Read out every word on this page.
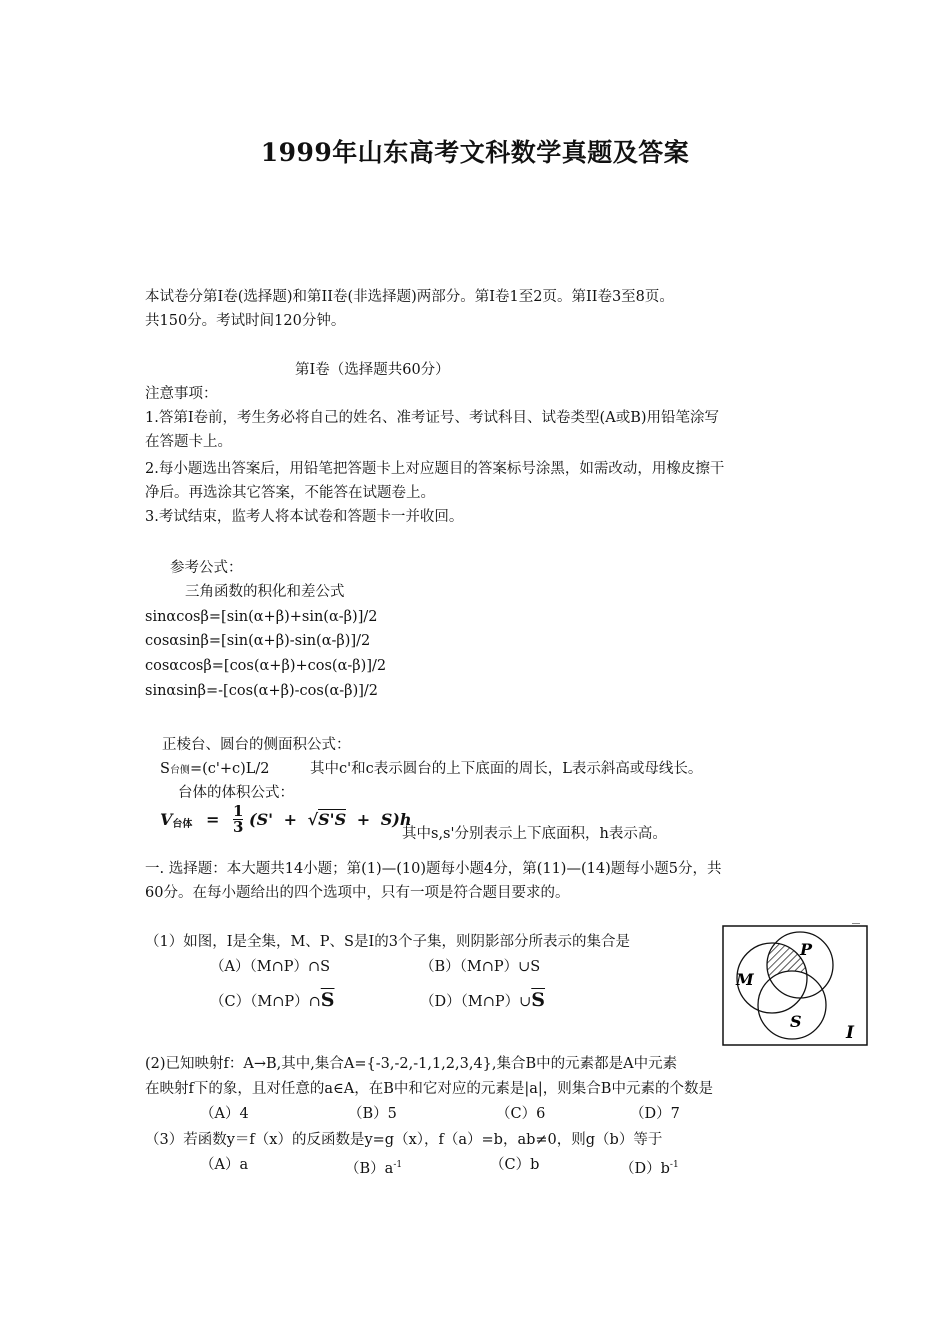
1999年山东高考文科数学真题及答案
本试卷分第Ⅰ卷(选择题)和第II卷(非选择题)两部分。第Ⅰ卷1至2页。第II卷3至8页。
共150分。考试时间120分钟。
第Ⅰ卷（选择题共60分）
注意事项：
1.答第Ⅰ卷前，考生务必将自己的姓名、准考证号、考试科目、试卷类型(A或B)用铅笔涂写
在答题卡上。
2.每小题选出答案后，用铅笔把答题卡上对应题目的答案标号涂黑，如需改动，用橡皮擦干
净后。再选涂其它答案，不能答在试题卷上。
3.考试结束，监考人将本试卷和答题卡一并收回。
参考公式：
三角函数的积化和差公式
sinαcosβ=[sin(α+β)+sin(α-β)]/2
cosαsinβ=[sin(α+β)-sin(α-β)]/2
cosαcosβ=[cos(α+β)+cos(α-β)]/2
sinαsinβ=-[cos(α+β)-cos(α-β)]/2
正棱台、圆台的侧面积公式：
S台侧=(c'+c)L/2	其中c'和c表示圆台的上下底面的周长，L表示斜高或母线长。
台体的体积公式：
$V_{台体} = \frac{1}{3} (S' + √S'S + S)h$
其中s,s'分别表示上下底面积，h表示高。
一. 选择题：本大题共14小题；第(1)—(10)题每小题4分，第(11)—(14)题每小题5分，共
60分。在每小题给出的四个选项中，只有一项是符合题目要求的。
（1）如图，I是全集，M、P、S是I的3个子集，则阴影部分所表示的集合是
（A）（M∩P）∩S	（B）（M∩P）∪S
$(C)(M\cap P)\cap\overline{S}$	$(D)(M\cap P)\cup\overline{S}$
M
P
S
I
(2)已知映射f：A→B,其中,集合A={-3,-2,-1,1,2,3,4},集合B中的元素都是A中元素
在映射f下的象，且对任意的a∈A，在B中和它对应的元素是|a|，则集合B中元素的个数是
（A）4	（B）5	（C）6	（D）7
（3）若函数y＝f（x）的反函数是y=g（x），f（a）=b，ab≠0，则g（b）等于
（A）a	$(B)a^{-1}$	（C）b	$(D)b^{-1}$
